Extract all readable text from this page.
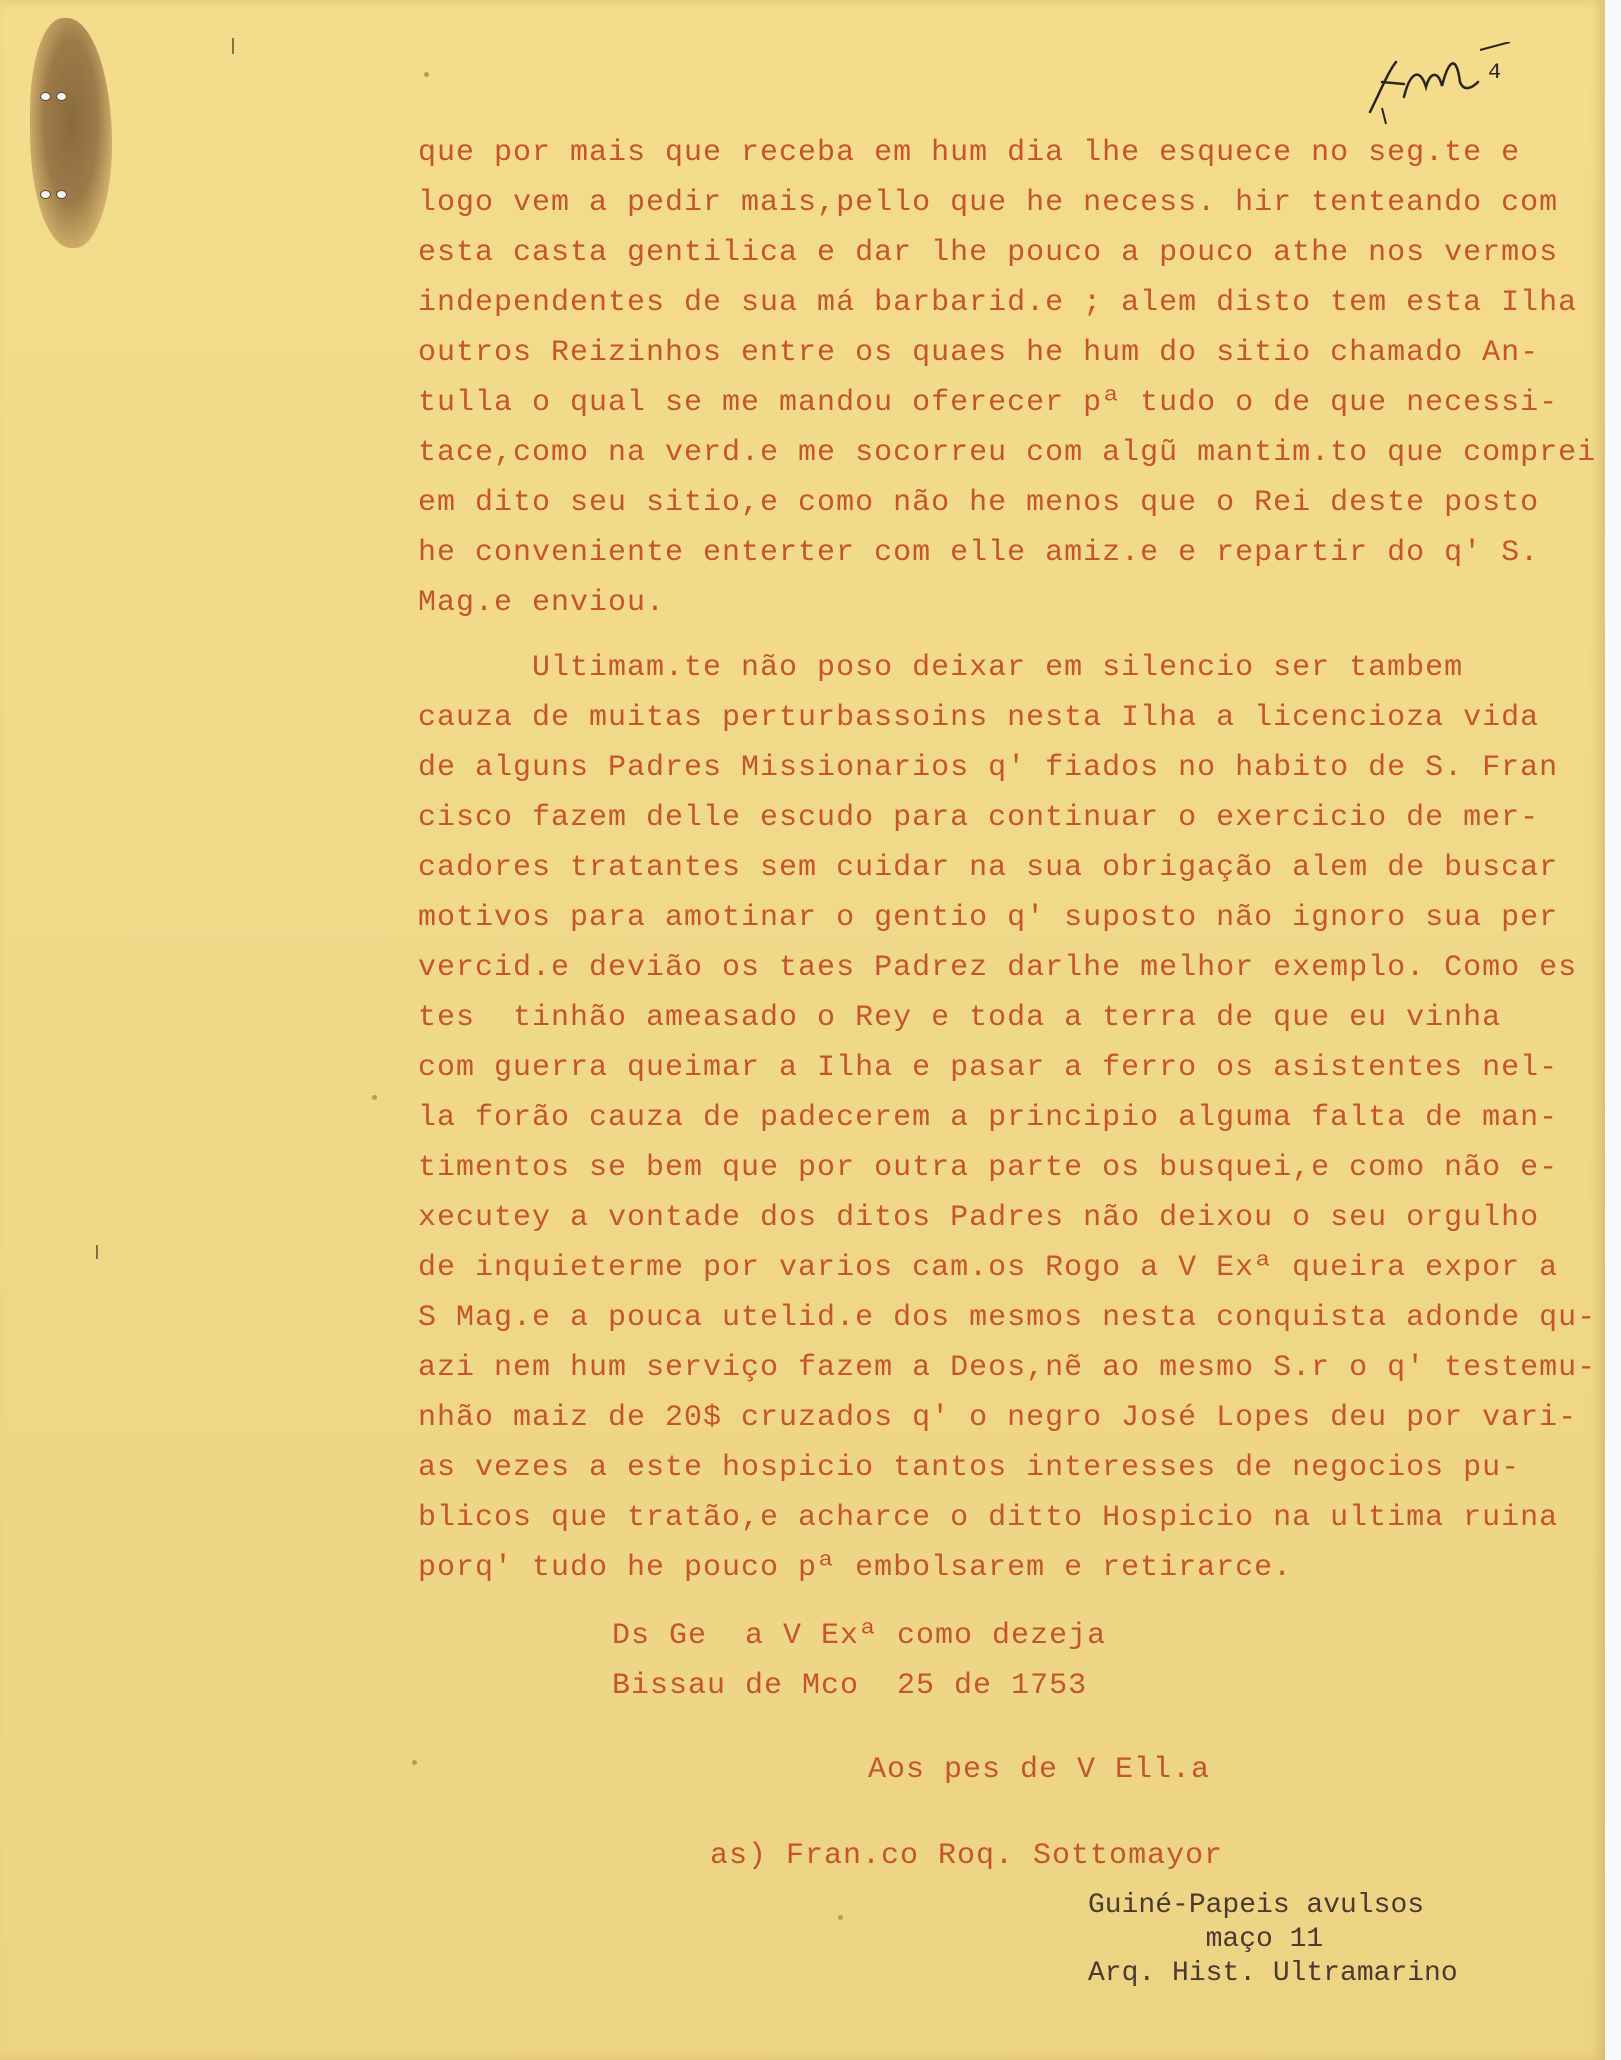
4
que por mais que receba em hum dia lhe esquece no seg.te e
logo vem a pedir mais,pello que he necess. hir tenteando com
esta casta gentilica e dar lhe pouco a pouco athe nos vermos
independentes de sua má barbarid.e ; alem disto tem esta Ilha
outros Reizinhos entre os quaes he hum do sitio chamado An-
tulla o qual se me mandou oferecer pª tudo o de que necessi-
tace,como na verd.e me socorreu com algũ mantim.to que comprei
em dito seu sitio,e como não he menos que o Rei deste posto
he conveniente enterter com elle amiz.e e repartir do q' S.
Mag.e enviou.
Ultimam.te não poso deixar em silencio ser tambem
cauza de muitas perturbassoins nesta Ilha a licencioza vida
de alguns Padres Missionarios q' fiados no habito de S. Fran
cisco fazem delle escudo para continuar o exercicio de mer-
cadores tratantes sem cuidar na sua obrigação alem de buscar
motivos para amotinar o gentio q' suposto não ignoro sua per
vercid.e devião os taes Padrez darlhe melhor exemplo. Como es
tes  tinhão ameasado o Rey e toda a terra de que eu vinha
com guerra queimar a Ilha e pasar a ferro os asistentes nel-
la forão cauza de padecerem a principio alguma falta de man-
timentos se bem que por outra parte os busquei,e como não e-
xecutey a vontade dos ditos Padres não deixou o seu orgulho
de inquieterme por varios cam.os Rogo a V Exª queira expor a
S Mag.e a pouca utelid.e dos mesmos nesta conquista adonde qu-
azi nem hum serviço fazem a Deos,nẽ ao mesmo S.r o q' testemu-
nhão maiz de 20$ cruzados q' o negro José Lopes deu por vari-
as vezes a este hospicio tantos interesses de negocios pu-
blicos que tratão,e acharce o ditto Hospicio na ultima ruina
porq' tudo he pouco pª embolsarem e retirarce.
Ds Ge  a V Exª como dezeja
Bissau de Mco  25 de 1753
Aos pes de V Ell.a
as) Fran.co Roq. Sottomayor
Guiné-Papeis avulsos
maço 11
Arq. Hist. Ultramarino
